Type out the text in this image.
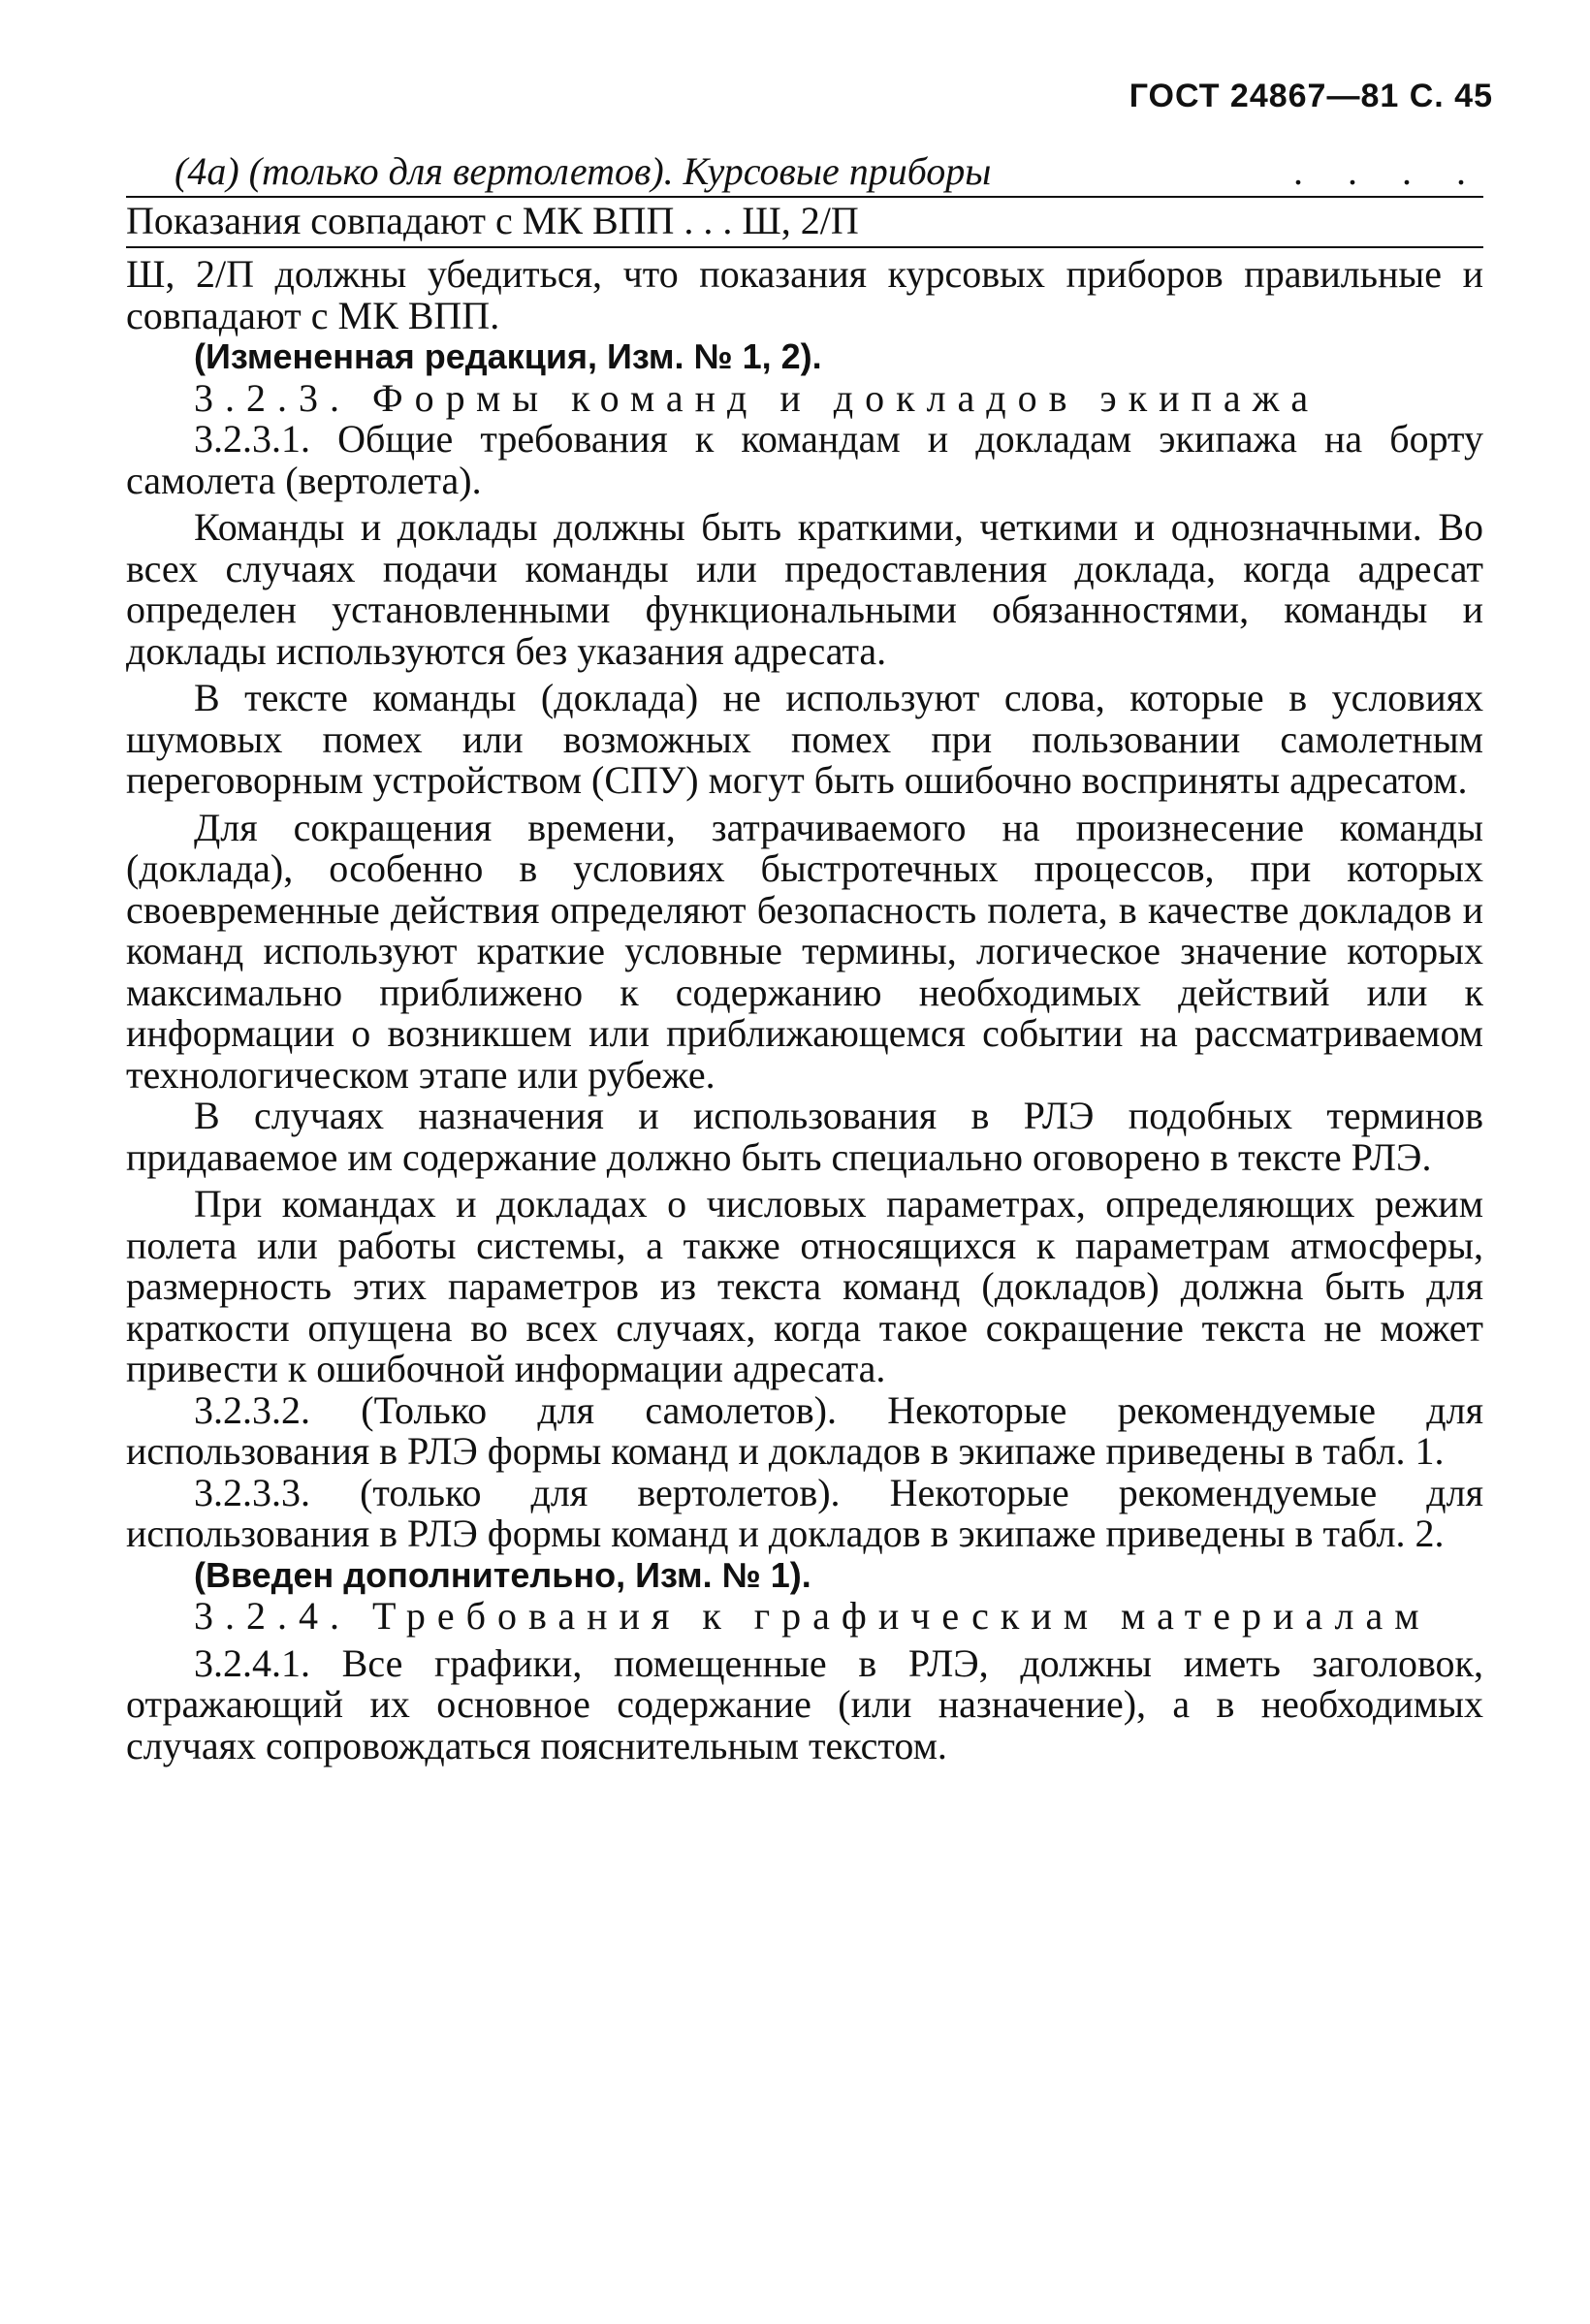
ГОСТ 24867—81 С. 45
(4а) (только для вертолетов). Курсовые приборы	. . . .
Показания совпадают с МК ВПП . . . Ш, 2/П

Ш, 2/П должны убедиться, что показания курсовых приборов правильные и совпадают с МК ВПП.

(Измененная редакция, Изм. № 1, 2).

3.2.3. Формы команд и докладов экипажа

3.2.3.1. Общие требования к командам и докладам экипажа на борту самолета (вертолета).

Команды и доклады должны быть краткими, четкими и однозначными. Во всех случаях подачи команды или предоставления доклада, когда адресат определен установленными функциональными обязанностями, команды и доклады используются без указания адресата.

В тексте команды (доклада) не используют слова, которые в условиях шумовых помех или возможных помех при пользовании самолетным переговорным устройством (СПУ) могут быть ошибочно восприняты адресатом.

Для сокращения времени, затрачиваемого на произнесение команды (доклада), особенно в условиях быстротечных процессов, при которых своевременные действия определяют безопасность полета, в качестве докладов и команд используют краткие условные термины, логическое значение которых максимально приближено к содержанию необходимых действий или к информации о возникшем или приближающемся событии на рассматриваемом технологическом этапе или рубеже.

В случаях назначения и использования в РЛЭ подобных терминов придаваемое им содержание должно быть специально оговорено в тексте РЛЭ.

При командах и докладах о числовых параметрах, определяющих режим полета или работы системы, а также относящихся к параметрам атмосферы, размерность этих параметров из текста команд (докладов) должна быть для краткости опущена во всех случаях, когда такое сокращение текста не может привести к ошибочной информации адресата.

3.2.3.2. (Только для самолетов). Некоторые рекомендуемые для использования в РЛЭ формы команд и докладов в экипаже приведены в табл. 1.

3.2.3.3. (только для вертолетов). Некоторые рекомендуемые для использования в РЛЭ формы команд и докладов в экипаже приведены в табл. 2.

(Введен дополнительно, Изм. № 1).

3.2.4. Требования к графическим материалам

3.2.4.1. Все графики, помещенные в РЛЭ, должны иметь заголовок, отражающий их основное содержание (или назначение), а в необходимых случаях сопровождаться пояснительным текстом.
